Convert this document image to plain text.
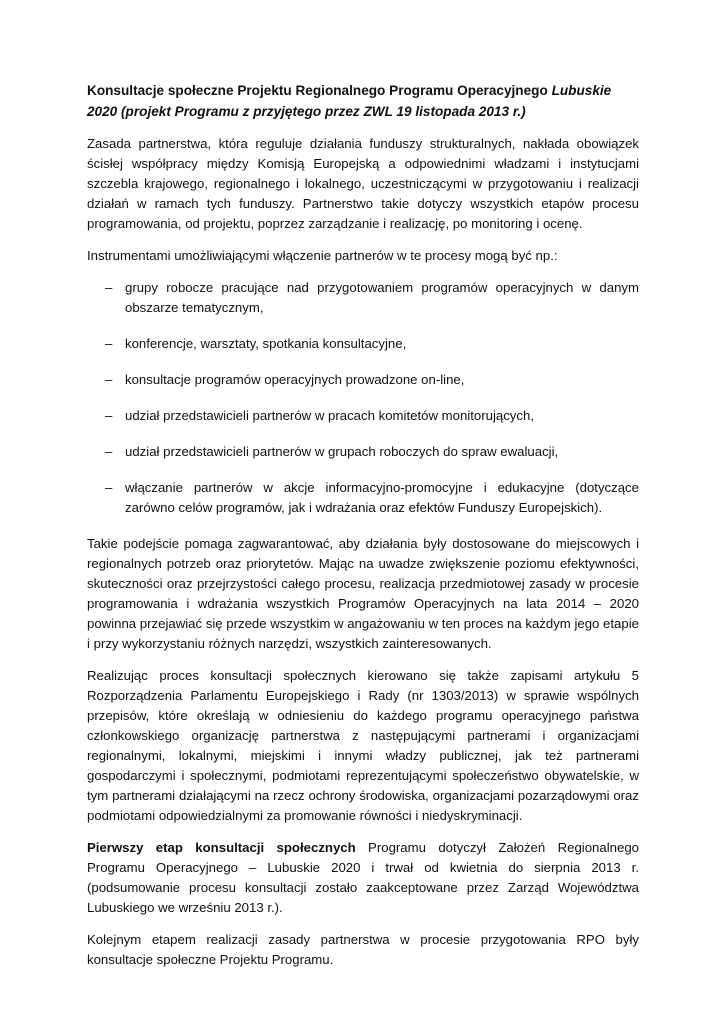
Konsultacje społeczne Projektu Regionalnego Programu Operacyjnego Lubuskie 2020 (projekt Programu z przyjętego przez ZWL 19 listopada 2013 r.)

Zasada partnerstwa, która reguluje działania funduszy strukturalnych, nakłada obowiązek ścisłej współpracy między Komisją Europejską a odpowiednimi władzami i instytucjami szczebla krajowego, regionalnego i lokalnego, uczestniczącymi w przygotowaniu i realizacji działań w ramach tych funduszy. Partnerstwo takie dotyczy wszystkich etapów procesu programowania, od projektu, poprzez zarządzanie i realizację, po monitoring i ocenę.

Instrumentami umożliwiającymi włączenie partnerów w te procesy mogą być np.:

– grupy robocze pracujące nad przygotowaniem programów operacyjnych w danym obszarze tematycznym,
– konferencje, warsztaty, spotkania konsultacyjne,
– konsultacje programów operacyjnych prowadzone on-line,
– udział przedstawicieli partnerów w pracach komitetów monitorujących,
– udział przedstawicieli partnerów w grupach roboczych do spraw ewaluacji,
– włączanie partnerów w akcje informacyjno-promocyjne i edukacyjne (dotyczące zarówno celów programów, jak i wdrażania oraz efektów Funduszy Europejskich).

Takie podejście pomaga zagwarantować, aby działania były dostosowane do miejscowych i regionalnych potrzeb oraz priorytetów. Mając na uwadze zwiększenie poziomu efektywności, skuteczności oraz przejrzystości całego procesu, realizacja przedmiotowej zasady w procesie programowania i wdrażania wszystkich Programów Operacyjnych na lata 2014 – 2020 powinna przejawiać się przede wszystkim w angażowaniu w ten proces na każdym jego etapie i przy wykorzystaniu różnych narzędzi, wszystkich zainteresowanych.

Realizując proces konsultacji społecznych kierowano się także zapisami artykułu 5 Rozporządzenia Parlamentu Europejskiego i Rady (nr 1303/2013) w sprawie wspólnych przepisów, które określają w odniesieniu do każdego programu operacyjnego państwa członkowskiego organizację partnerstwa z następującymi partnerami i organizacjami regionalnymi, lokalnymi, miejskimi i innymi władzy publicznej, jak też partnerami gospodarczymi i społecznymi, podmiotami reprezentującymi społeczeństwo obywatelskie, w tym partnerami działającymi na rzecz ochrony środowiska, organizacjami pozarządowymi oraz podmiotami odpowiedzialnymi za promowanie równości i niedyskryminacji.

Pierwszy etap konsultacji społecznych Programu dotyczył Założeń Regionalnego Programu Operacyjnego – Lubuskie 2020 i trwał od kwietnia do sierpnia 2013 r. (podsumowanie procesu konsultacji zostało zaakceptowane przez Zarząd Województwa Lubuskiego we wrześniu 2013 r.).

Kolejnym etapem realizacji zasady partnerstwa w procesie przygotowania RPO były konsultacje społeczne Projektu Programu.
